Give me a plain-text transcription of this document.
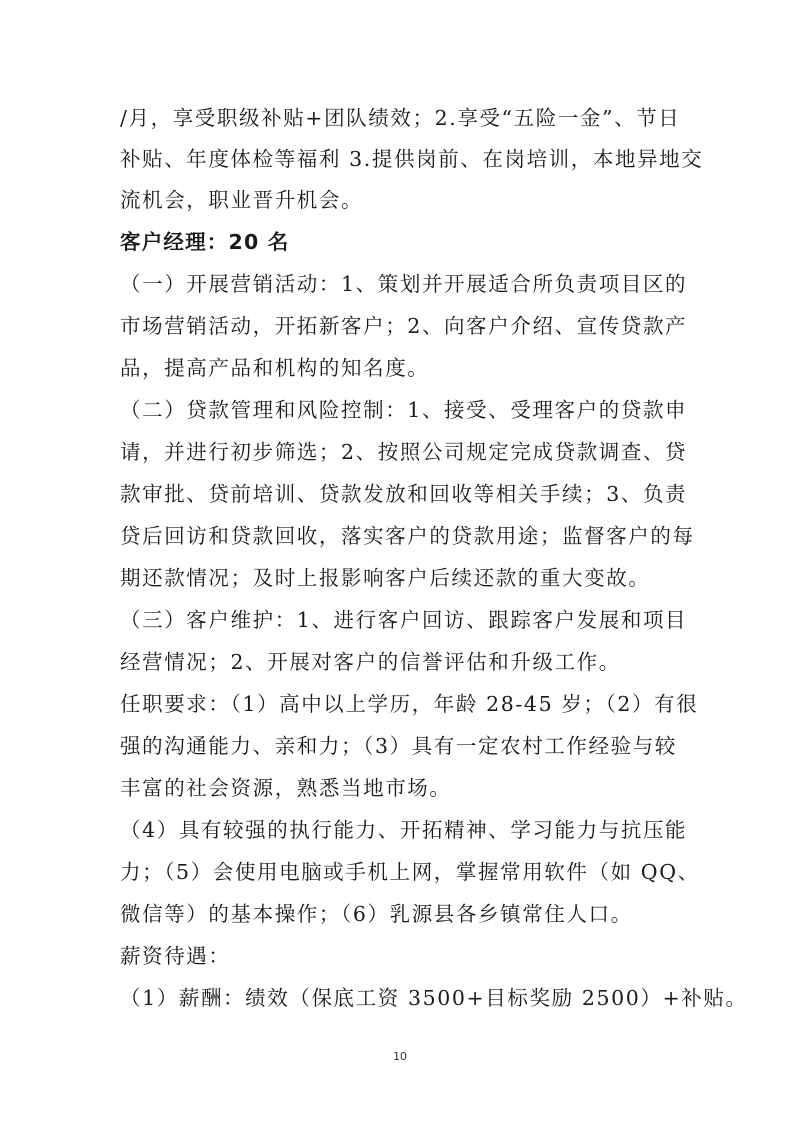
/月，享受职级补贴+团队绩效；2.享受“五险一金”、节日
补贴、年度体检等福利 3.提供岗前、在岗培训，本地异地交
流机会，职业晋升机会。
客户经理：20 名
（一）开展营销活动：1、策划并开展适合所负责项目区的
市场营销活动，开拓新客户；2、向客户介绍、宣传贷款产
品，提高产品和机构的知名度。
（二）贷款管理和风险控制：1、接受、受理客户的贷款申
请，并进行初步筛选；2、按照公司规定完成贷款调查、贷
款审批、贷前培训、贷款发放和回收等相关手续；3、负责
贷后回访和贷款回收，落实客户的贷款用途；监督客户的每
期还款情况；及时上报影响客户后续还款的重大变故。
（三）客户维护：1、进行客户回访、跟踪客户发展和项目
经营情况；2、开展对客户的信誉评估和升级工作。
任职要求：（1）高中以上学历，年龄 28-45 岁；（2）有很
强的沟通能力、亲和力；（3）具有一定农村工作经验与较
丰富的社会资源，熟悉当地市场。
（4）具有较强的执行能力、开拓精神、学习能力与抗压能
力；（5）会使用电脑或手机上网，掌握常用软件（如 QQ、
微信等）的基本操作；（6）乳源县各乡镇常住人口。
薪资待遇：
（1）薪酬：绩效（保底工资 3500+目标奖励 2500）+补贴。
10
